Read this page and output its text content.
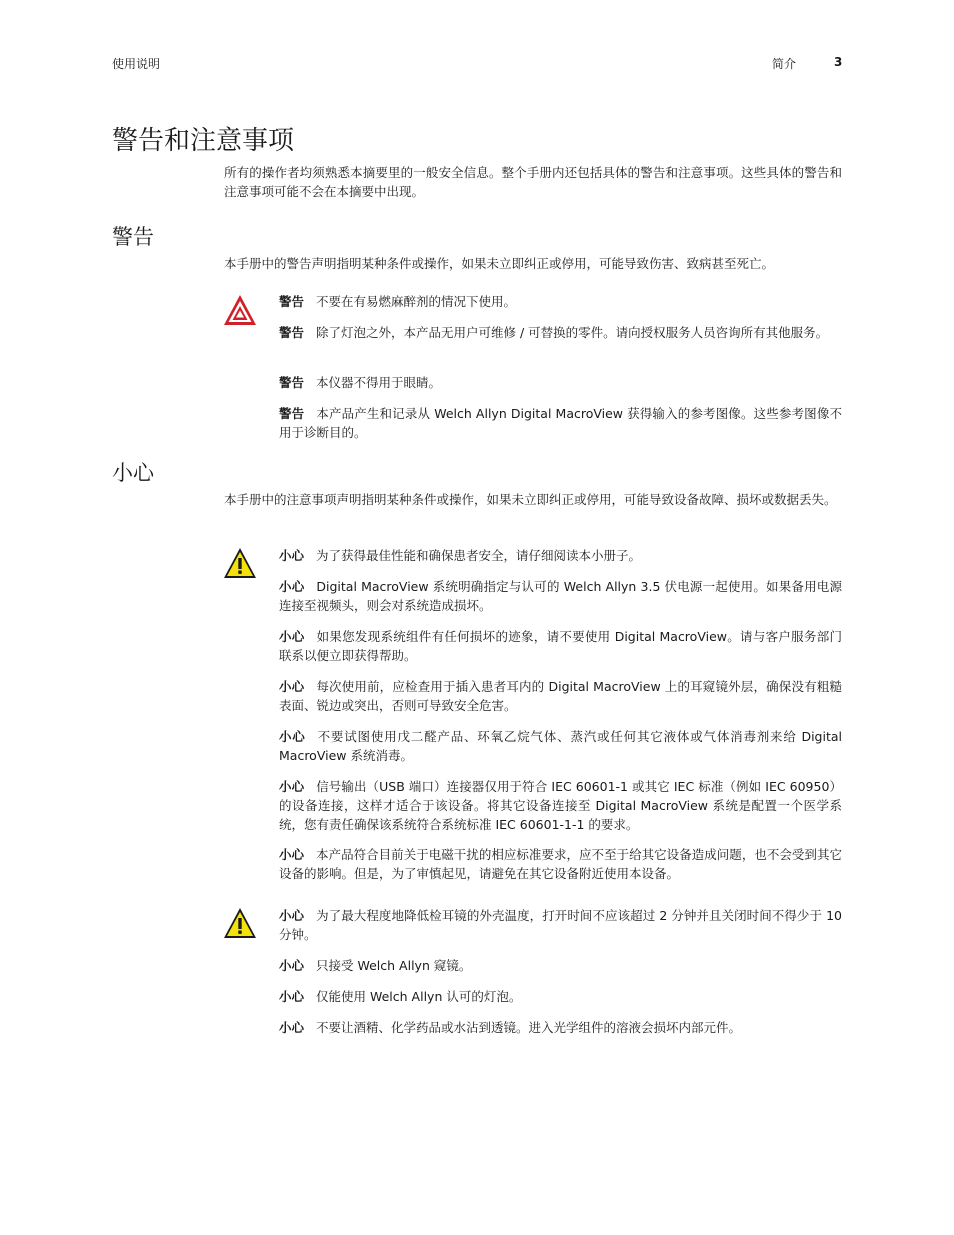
使用说明	简介	3
警告和注意事项

所有的操作者均须熟悉本摘要里的一般安全信息。整个手册内还包括具体的警告和注意事项。这些具体的警告和注意事项可能不会在本摘要中出现。

警告

本手册中的警告声明指明某种条件或操作，如果未立即纠正或停用，可能导致伤害、致病甚至死亡。

警告 不要在有易燃麻醉剂的情况下使用。

警告 除了灯泡之外，本产品无用户可维修 / 可替换的零件。请向授权服务人员咨询所有其他服务。

警告 本仪器不得用于眼睛。

警告 本产品产生和记录从 Welch Allyn Digital MacroView 获得输入的参考图像。这些参考图像不用于诊断目的。

小心

本手册中的注意事项声明指明某种条件或操作，如果未立即纠正或停用，可能导致设备故障、损坏或数据丢失。

小心 为了获得最佳性能和确保患者安全，请仔细阅读本小册子。

小心 Digital MacroView 系统明确指定与认可的 Welch Allyn 3.5 伏电源一起使用。如果备用电源连接至视频头，则会对系统造成损坏。

小心 如果您发现系统组件有任何损坏的迹象，请不要使用 Digital MacroView。请与客户服务部门联系以便立即获得帮助。

小心 每次使用前，应检查用于插入患者耳内的 Digital MacroView 上的耳窥镜外层，确保没有粗糙表面、锐边或突出，否则可导致安全危害。

小心 不要试图使用戊二醛产品、环氧乙烷气体、蒸汽或任何其它液体或气体消毒剂来给 Digital MacroView 系统消毒。

小心 信号输出（USB 端口）连接器仅用于符合 IEC 60601-1 或其它 IEC 标准（例如 IEC 60950）的设备连接，这样才适合于该设备。将其它设备连接至 Digital MacroView 系统是配置一个医学系统，您有责任确保该系统符合系统标准 IEC 60601-1-1 的要求。

小心 本产品符合目前关于电磁干扰的相应标准要求，应不至于给其它设备造成问题，也不会受到其它设备的影响。但是，为了审慎起见，请避免在其它设备附近使用本设备。

小心 为了最大程度地降低检耳镜的外壳温度，打开时间不应该超过 2 分钟并且关闭时间不得少于 10 分钟。

小心 只接受 Welch Allyn 窥镜。

小心 仅能使用 Welch Allyn 认可的灯泡。

小心 不要让酒精、化学药品或水沾到透镜。进入光学组件的溶液会损坏内部元件。
